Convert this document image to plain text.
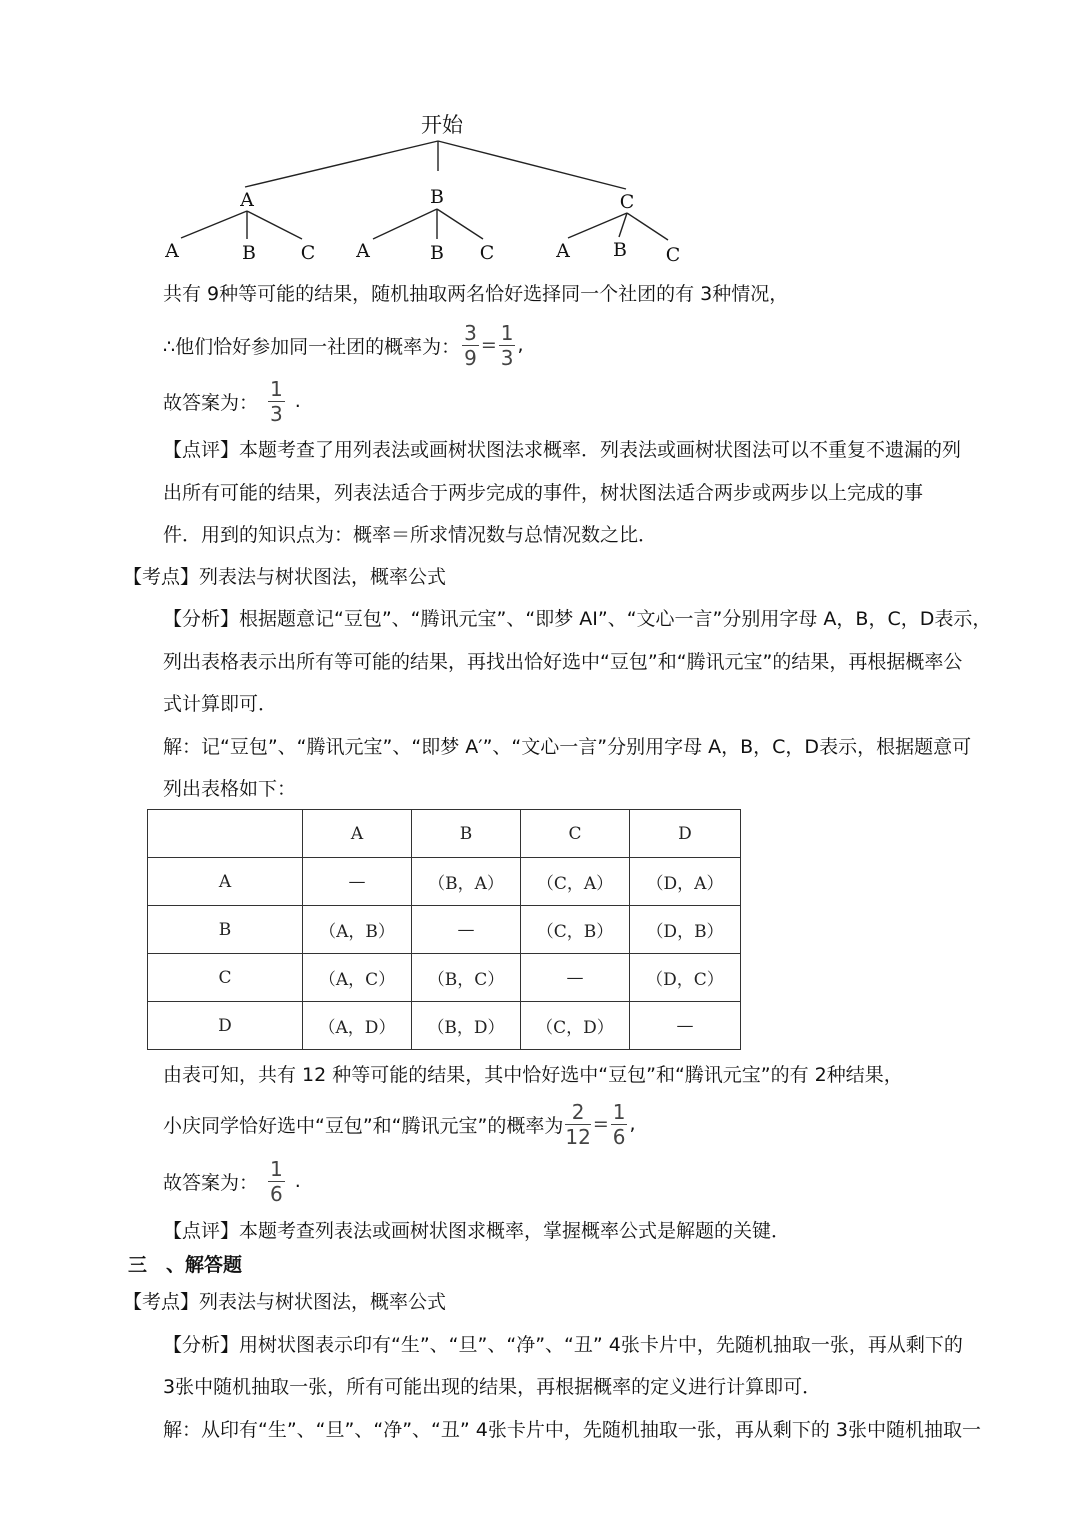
开始
A	B	C
A	B C A	B C	A B C
共有 9种等可能的结果，随机抽取两名恰好选择同一个社团的有 3种情况，
∴他们恰好参加同一社团的概率为： $\frac{3}{9} = \frac{1}{3}$ ,
故答案为： $\frac{1}{3}$ .
【点评】本题考查了用列表法或画树状图法求概率．列表法或画树状图法可以不重复不遗漏的列
出所有可能的结果，列表法适合于两步完成的事件，树状图法适合两步或两步以上完成的事
件．用到的知识点为：概率＝所求情况数与总情况数之比．
【考点】列表法与树状图法，概率公式
【分析】根据题意记“豆包”、“腾讯元宝”、“即梦 AI”、“文心一言”分别用字母 A，B，C，D表示，
列出表格表示出所有等可能的结果，再找出恰好选中“豆包”和“腾讯元宝”的结果，再根据概率公
式计算即可．
解：记“豆包”、“腾讯元宝”、“即梦 A′”、“文心一言”分别用字母 A，B，C，D表示，根据题意可
列出表格如下：
	A	B	C	D
A	—	（B，A）	（C，A）	（D，A）
B	（A，B）	—	（C，B）	（D，B）
C	（A，C）	（B，C）	—	（D，C）
D	（A，D）	（B，D）	（C，D）	—
由表可知，共有 12 种等可能的结果，其中恰好选中“豆包”和“腾讯元宝”的有 2种结果，
小庆同学恰好选中“豆包”和“腾讯元宝”的概率为 $\frac{2}{12} = \frac{1}{6}$ ,
故答案为： $\frac{1}{6}$ .
【点评】本题考查列表法或画树状图求概率，掌握概率公式是解题的关键．
三　、解答题
【考点】列表法与树状图法，概率公式
【分析】用树状图表示印有“生”、“旦”、“净”、“丑” 4张卡片中，先随机抽取一张，再从剩下的
3张中随机抽取一张，所有可能出现的结果，再根据概率的定义进行计算即可．
解：从印有“生”、“旦”、“净”、“丑” 4张卡片中，先随机抽取一张，再从剩下的 3张中随机抽取一
